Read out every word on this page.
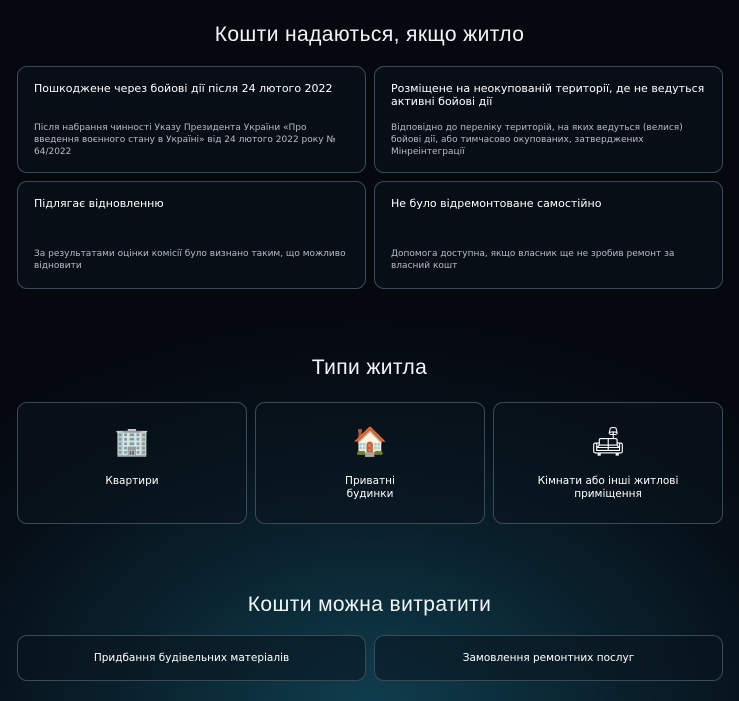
Кошти надаються, якщо житло
Пошкоджене через бойові дії після 24 лютого 2022
Після набрання чинності Указу Президента України «Про введення воєнного стану в Україні» від 24 лютого 2022 року № 64/2022
Розміщене на неокупованій території, де не ведуться активні бойові дії
Відповідно до переліку територій, на яких ведуться (велися) бойові дії, або тимчасово окупованих, затверджених Мінреінтеграції
Підлягає відновленню
За результатами оцінки комісії було визнано таким, що можливо відновити
Не було відремонтоване самостійно
Допомога доступна, якщо власник ще не зробив ремонт за власний кошт
Типи житла
🏢
Квартири
🏠
Приватні будинки
🛋
Кімнати або інші житлові приміщення
Кошти можна витратити
Придбання будівельних матеріалів	Замовлення ремонтних послуг
